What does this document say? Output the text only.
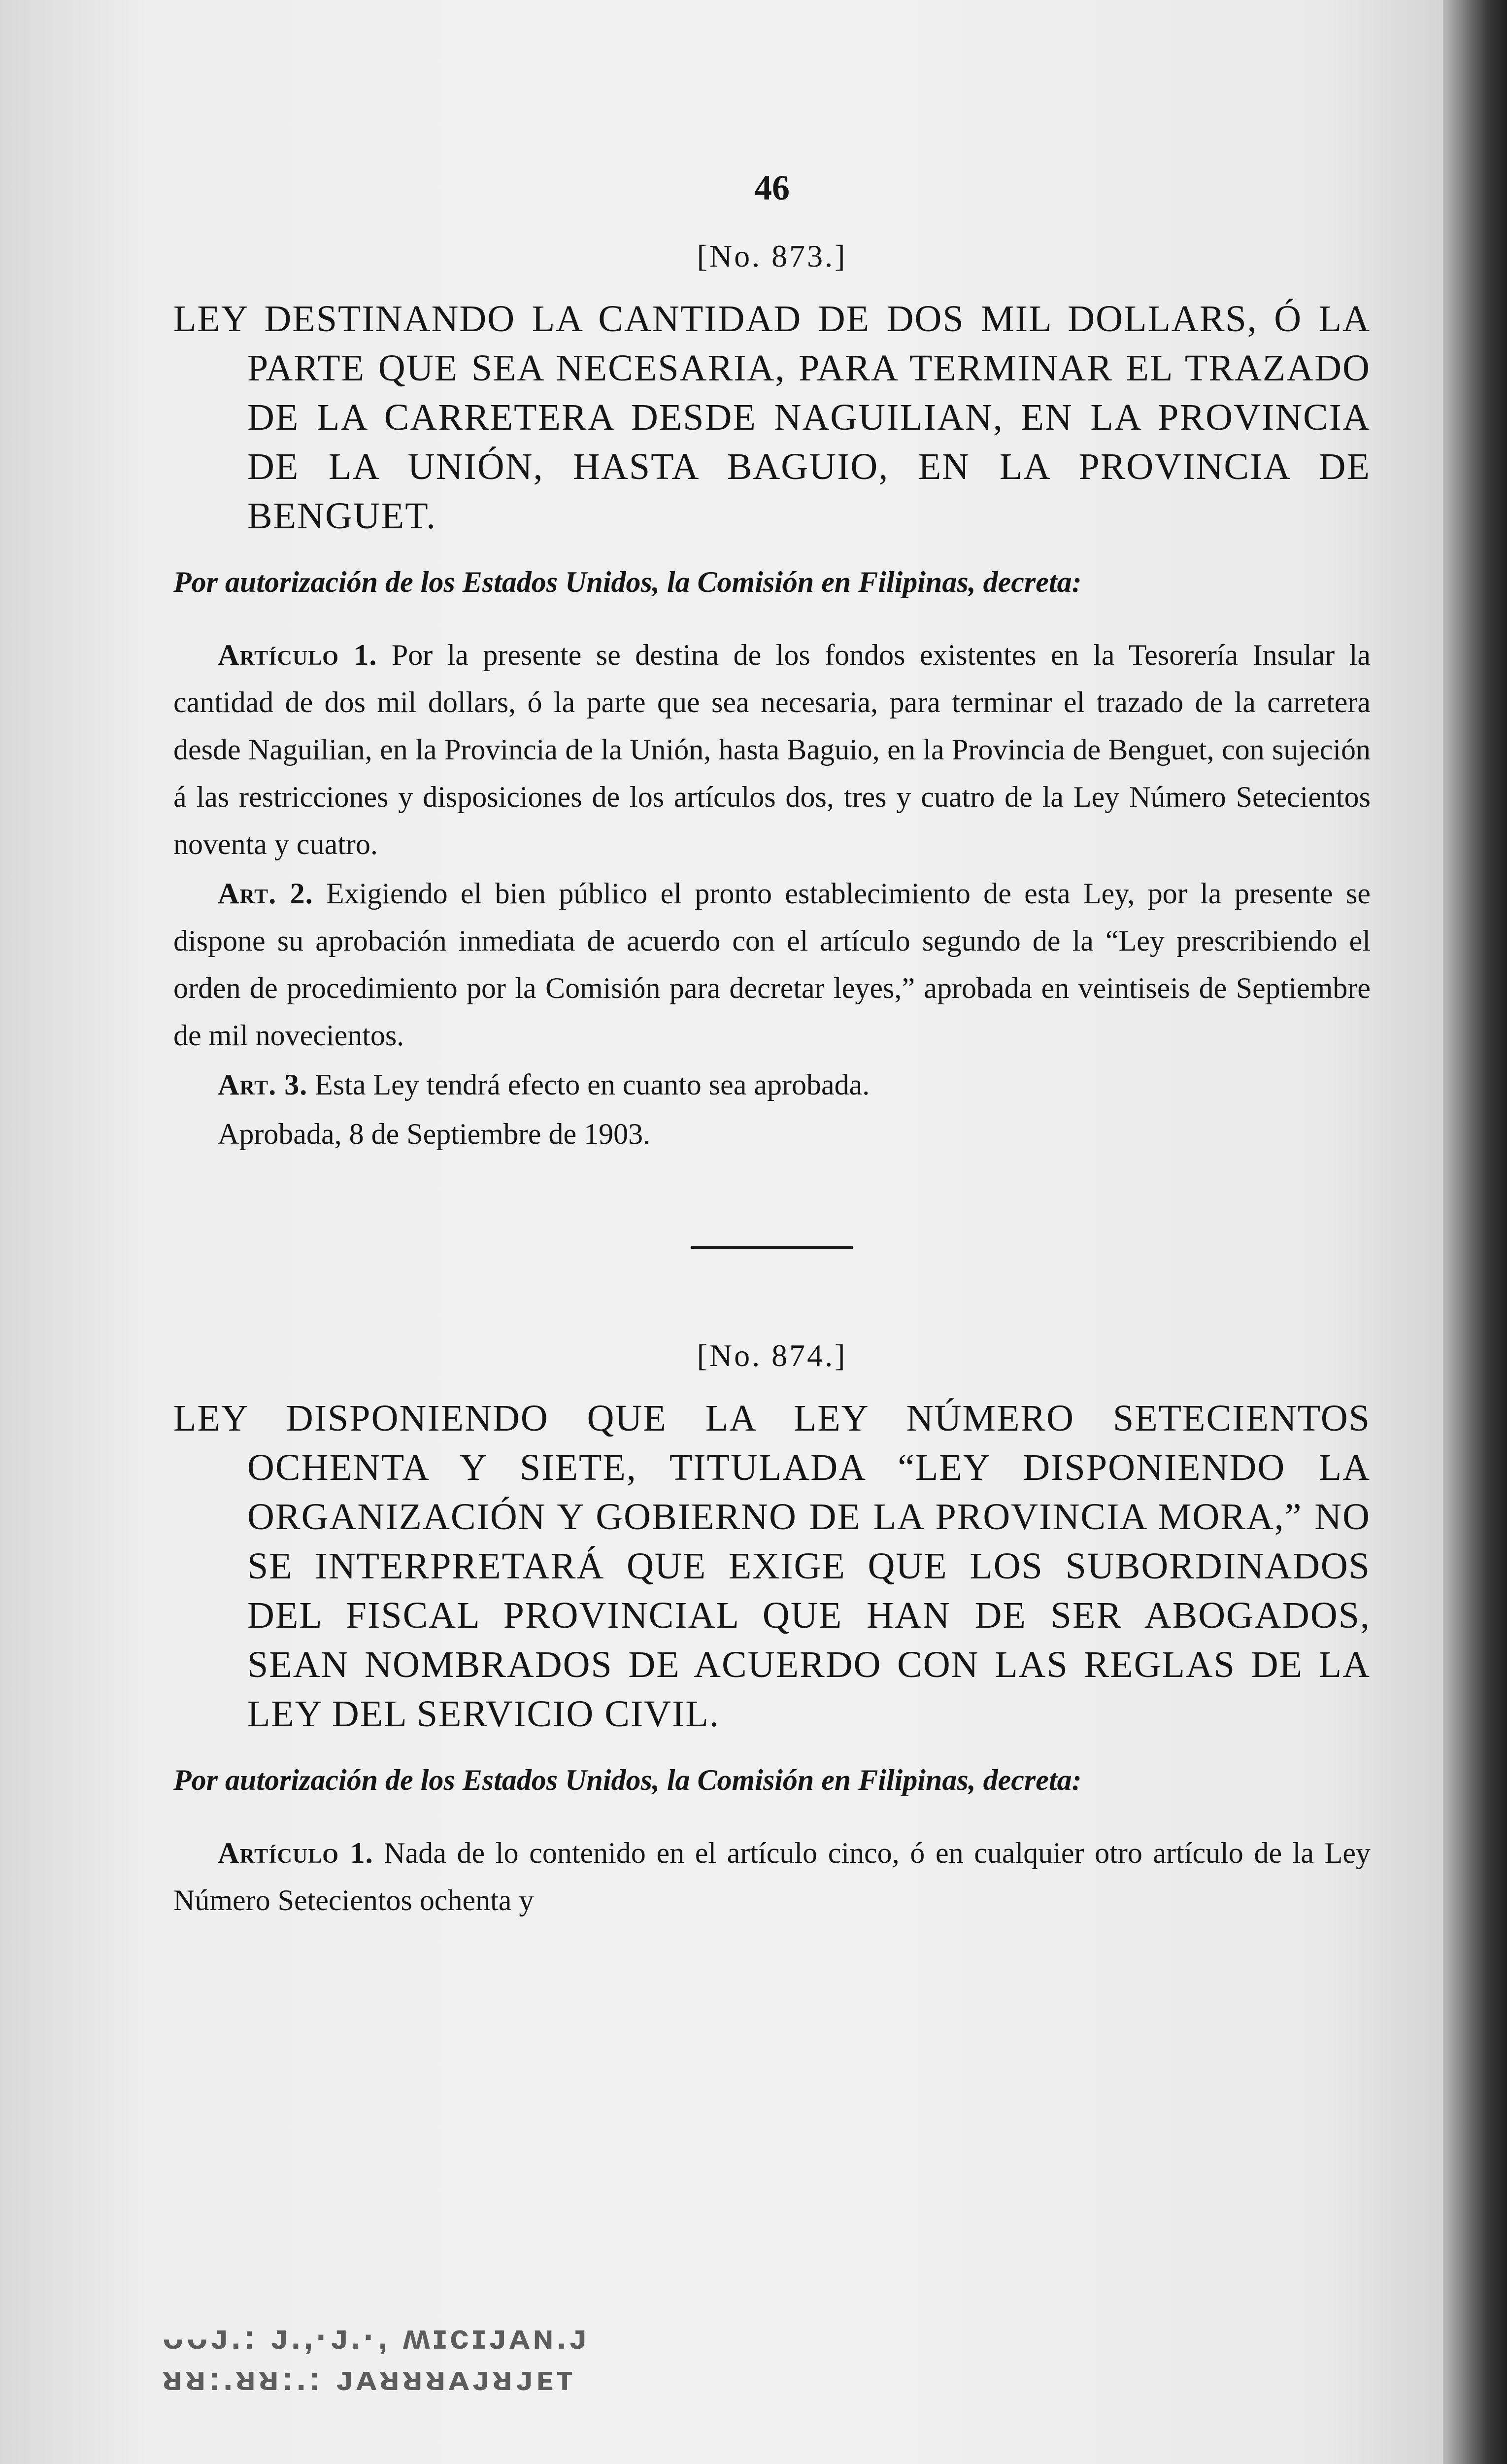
46
[No. 873.]

LEY DESTINANDO LA CANTIDAD DE DOS MIL DOLLARS, Ó LA PARTE QUE SEA NECESARIA, PARA TERMINAR EL TRAZADO DE LA CARRETERA DESDE NAGUILIAN, EN LA PROVINCIA DE LA UNIÓN, HASTA BAGUIO, EN LA PROVINCIA DE BENGUET.

Por autorización de los Estados Unidos, la Comisión en Filipinas, decreta:

Artículo 1. Por la presente se destina de los fondos existentes en la Tesorería Insular la cantidad de dos mil dollars, ó la parte que sea necesaria, para terminar el trazado de la carretera desde Naguilian, en la Provincia de la Unión, hasta Baguio, en la Provincia de Benguet, con sujeción á las restricciones y disposiciones de los artículos dos, tres y cuatro de la Ley Número Setecientos noventa y cuatro.

Art. 2. Exigiendo el bien público el pronto establecimiento de esta Ley, por la presente se dispone su aprobación inmediata de acuerdo con el artículo segundo de la “Ley prescribiendo el orden de procedimiento por la Comisión para decretar leyes,” aprobada en veintiseis de Septiembre de mil novecientos.

Art. 3. Esta Ley tendrá efecto en cuanto sea aprobada.

Aprobada, 8 de Septiembre de 1903.

[No. 874.]

LEY DISPONIENDO QUE LA LEY NÚMERO SETECIENTOS OCHENTA Y SIETE, TITULADA “LEY DISPONIENDO LA ORGANIZACIÓN Y GOBIERNO DE LA PROVINCIA MORA,” NO SE INTERPRETARÁ QUE EXIGE QUE LOS SUBORDINADOS DEL FISCAL PROVINCIAL QUE HAN DE SER ABOGADOS, SEAN NOMBRADOS DE ACUERDO CON LAS REGLAS DE LA LEY DEL SERVICIO CIVIL.

Por autorización de los Estados Unidos, la Comisión en Filipinas, decreta:

Artículo 1. Nada de lo contenido en el artículo cinco, ó en cualquier otro artículo de la Ley Número Setecientos ochenta y

ᴗᴗᴊ.: ᴊ.,·ᴊ.·, ʍɪᴄɪᴊᴀɴ.ᴊ
ᴚᴚ:.ᴚᴚ:.: ᴊᴀᴚᴚᴚᴀᴊᴚᴊᴇᴛ
